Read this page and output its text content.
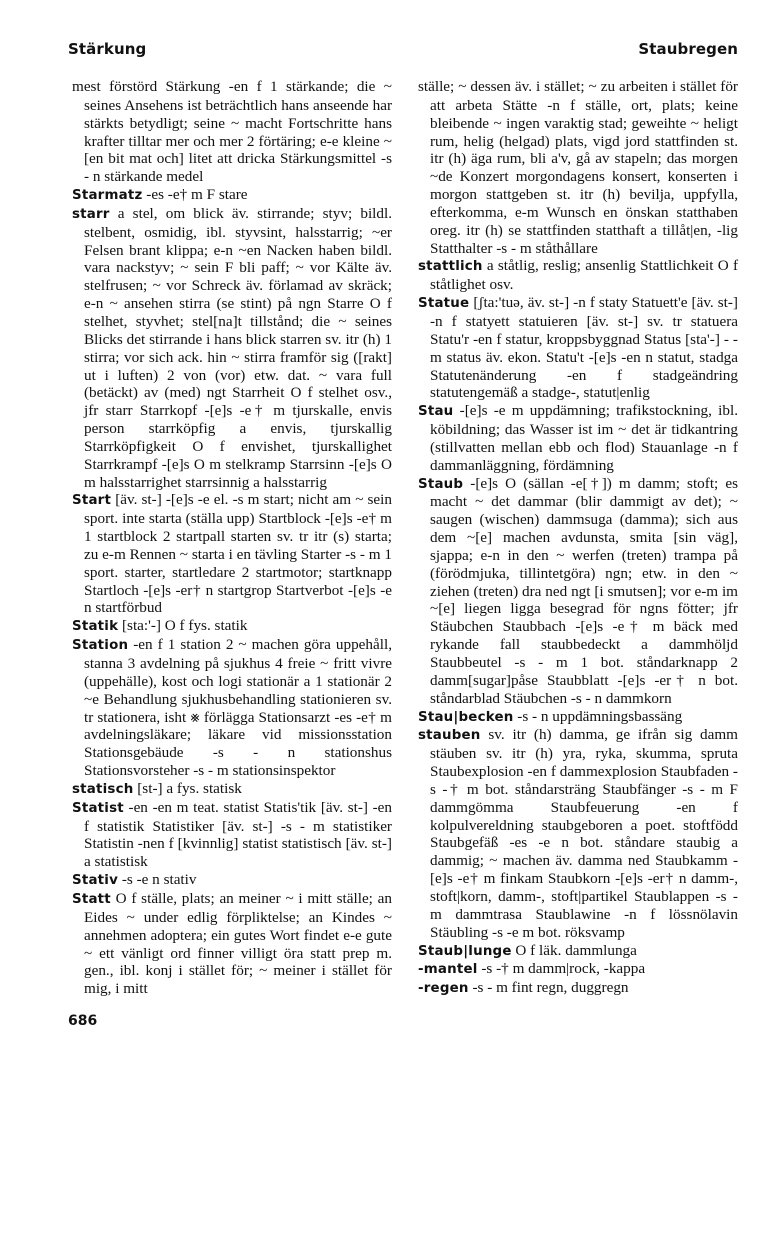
Stärkung	Staubregen

mest förstörd Stärkung -en f 1 stärkande; die ~ seines Ansehens ist beträchtlich hans anseende har stärkts betydligt; seine ~ macht Fortschritte hans krafter tilltar mer och mer 2 förtäring; e-e kleine ~ [en bit mat och] litet att dricka Stärkungsmittel -s - n stärkande medel

Starmatz -es -e† m F stare

starr a stel, om blick äv. stirrande; styv; bildl. stelbent, osmidig, ibl. styvsint, halsstarrig; ~er Felsen brant klippa; e-n ~en Nacken haben bildl. vara nackstyv; ~ sein F bli paff; ~ vor Kälte äv. stelfrusen; ~ vor Schreck äv. förlamad av skräck; e-n ~ ansehen stirra (se stint) på ngn Starre O f stelhet, styvhet; stel[na]t tillstånd; die ~ seines Blicks det stirrande i hans blick starren sv. itr (h) 1 stirra; vor sich ack. hin ~ stirra framför sig ([rakt] ut i luften) 2 von (vor) etw. dat. ~ vara full (betäckt) av (med) ngt Starrheit O f stelhet osv., jfr starr Starrkopf -[e]s -e† m tjurskalle, envis person starrköpfig a envis, tjurskallig Starrköpfigkeit O f envishet, tjurskallighet Starrkrampf -[e]s O m stelkramp Starrsinn -[e]s O m halsstarrighet starrsinnig a halsstarrig

Start [äv. st-] -[e]s -e el. -s m start; nicht am ~ sein sport. inte starta (ställa upp) Startblock -[e]s -e† m 1 startblock 2 startpall starten sv. tr itr (s) starta; zu e-m Rennen ~ starta i en tävling Starter -s - m 1 sport. starter, startledare 2 startmotor; startknapp Startloch -[e]s -er† n startgrop Startverbot -[e]s -e n startförbud

Statik [sta:'-] O f fys. statik

Station -en f 1 station 2 ~ machen göra uppehåll, stanna 3 avdelning på sjukhus 4 freie ~ fritt vivre (uppehälle), kost och logi stationär a 1 stationär 2 ~e Behandlung sjukhusbehandling stationieren sv. tr stationera, isht ⨳ förlägga Stationsarzt -es -e† m avdelningsläkare; läkare vid missionsstation Stationsgebäude -s - n stationshus Stationsvorsteher -s - m stationsinspektor

statisch [st-] a fys. statisk

Statist -en -en m teat. statist Statis'tik [äv. st-] -en f statistik Statistiker [äv. st-] -s - m statistiker Statistin -nen f [kvinnlig] statist statistisch [äv. st-] a statistisk

Stativ -s -e n stativ

Statt O f ställe, plats; an meiner ~ i mitt ställe; an Eides ~ under edlig förpliktelse; an Kindes ~ annehmen adoptera; ein gutes Wort findet e-e gute ~ ett vänligt ord finner villigt öra statt prep m. gen., ibl. konj i stället för; ~ meiner i stället för mig, i mitt

ställe; ~ dessen äv. i stället; ~ zu arbeiten i stället för att arbeta Stätte -n f ställe, ort, plats; keine bleibende ~ ingen varaktig stad; geweihte ~ heligt rum, helig (helgad) plats, vigd jord stattfinden st. itr (h) äga rum, bli a'v, gå av stapeln; das morgen ~de Konzert morgondagens konsert, konserten i morgon stattgeben st. itr (h) bevilja, uppfylla, efterkomma, e-m Wunsch en önskan statthaben oreg. itr (h) se stattfinden statthaft a tillåt|en, -lig Statthalter -s - m ståthållare

stattlich a ståtlig, reslig; ansenlig Stattlichkeit O f ståtlighet osv.

Statue [ʃta:'tuə, äv. st-] -n f staty Statuett'e [äv. st-] -n f statyett statuieren [äv. st-] sv. tr statuera Statu'r -en f statur, kroppsbyggnad Status [sta'-] - - m status äv. ekon. Statu't -[e]s -en n statut, stadga Statutenänderung -en f stadgeändring statutengemäß a stadge-, statut|enlig

Stau -[e]s -e m uppdämning; trafikstockning, ibl. köbildning; das Wasser ist im ~ det är tidkantring (stillvatten mellan ebb och flod) Stauanlage -n f dammanläggning, fördämning

Staub -[e]s O (sällan -e[†]) m damm; stoft; es macht ~ det dammar (blir dammigt av det); ~ saugen (wischen) dammsuga (damma); sich aus dem ~[e] machen avdunsta, smita [sin väg], sjappa; e-n in den ~ werfen (treten) trampa på (förödmjuka, tillintetgöra) ngn; etw. in den ~ ziehen (treten) dra ned ngt [i smutsen]; vor e-m im ~[e] liegen ligga besegrad för ngns fötter; jfr Stäubchen Staubbach -[e]s -e† m bäck med rykande fall staubbedeckt a dammhöljd Staubbeutel -s - m 1 bot. ståndarknapp 2 damm[sugar]påse Staubblatt -[e]s -er† n bot. ståndarblad Stäubchen -s - n dammkorn

Stau|becken -s - n uppdämningsbassäng

stauben sv. itr (h) damma, ge ifrån sig damm stäuben sv. itr (h) yra, ryka, skumma, spruta Staubexplosion -en f dammexplosion Staubfaden -s -† m bot. ståndarsträng Staubfänger -s - m F dammgömma Staubfeuerung -en f kolpulvereldning staubgeboren a poet. stoftfödd Staubgefäß -es -e n bot. ståndare staubig a dammig; ~ machen äv. damma ned Staubkamm -[e]s -e† m finkam Staubkorn -[e]s -er† n damm-, stoft|korn, damm-, stoft|partikel Staublappen -s - m dammtrasa Staublawine -n f lössnölavin Stäubling -s -e m bot. röksvamp

Staub|lunge O f läk. dammlunga

-mantel -s -† m damm|rock, -kappa

-regen -s - m fint regn, duggregn

686
